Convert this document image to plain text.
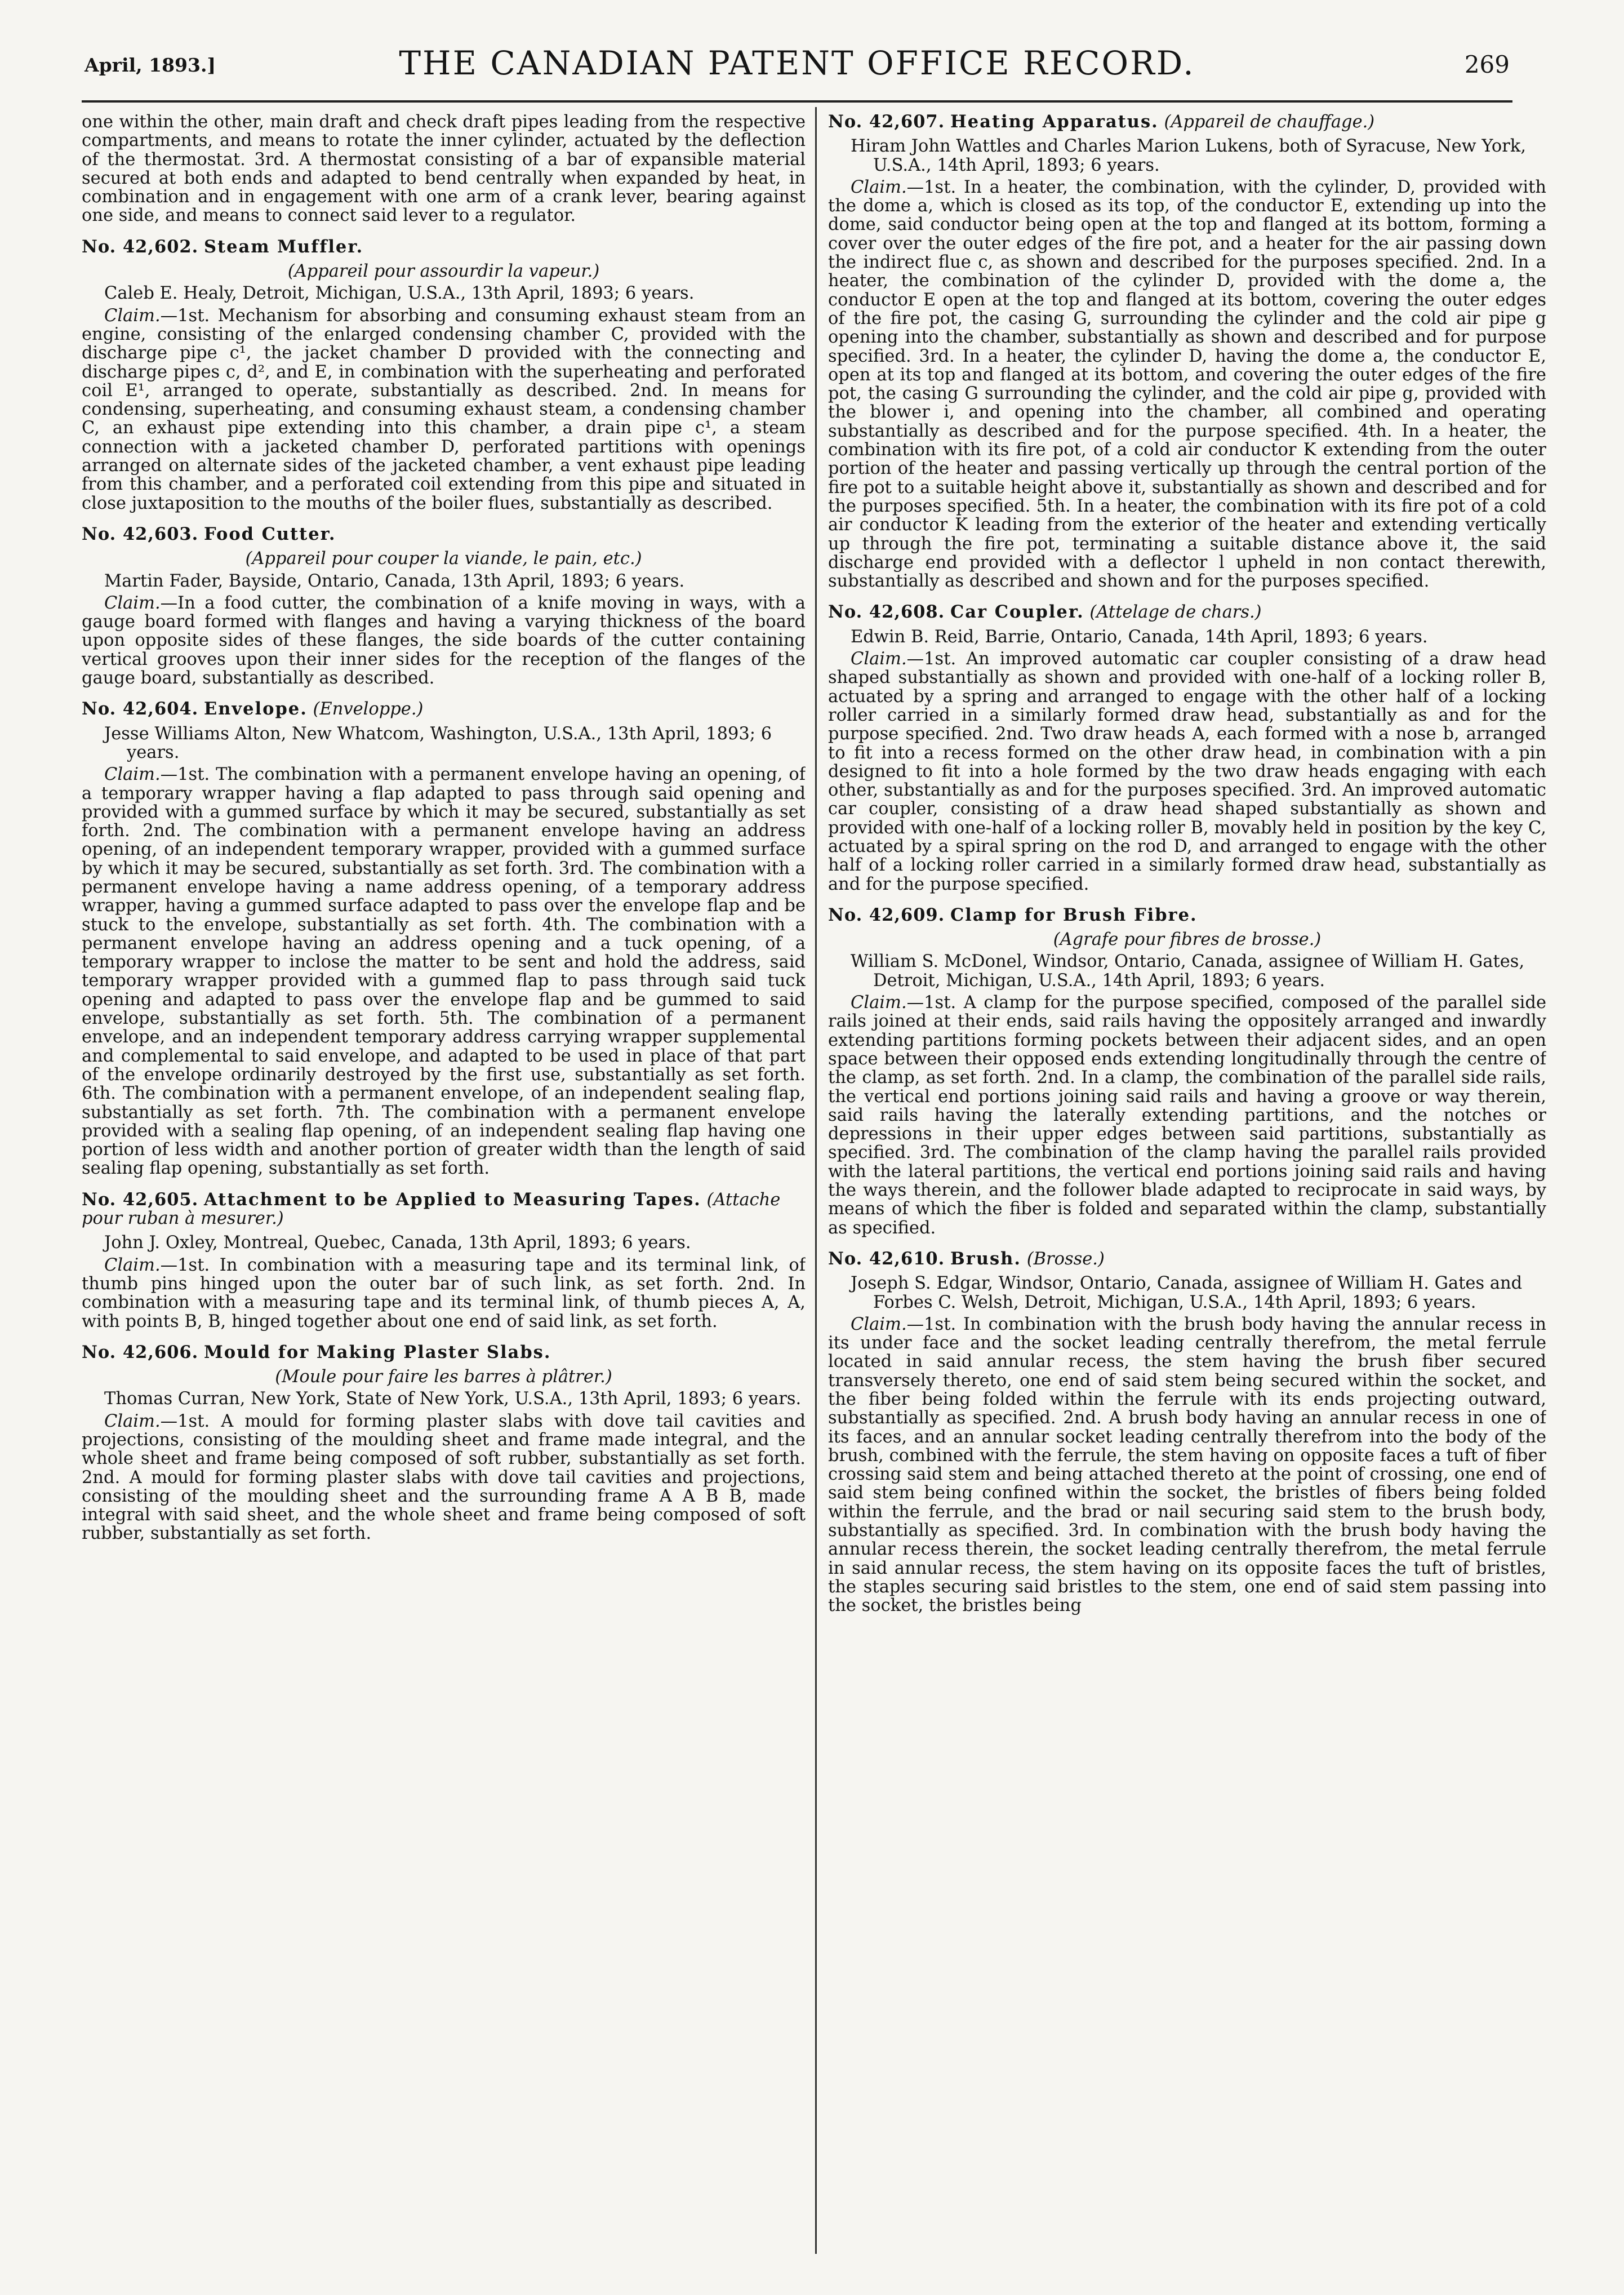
April, 1893.]	THE CANADIAN PATENT OFFICE RECORD.	269

one within the other, main draft and check draft pipes leading from the respective compartments, and means to rotate the inner cylinder, actuated by the deflection of the thermostat. 3rd. A thermostat consisting of a bar of expansible material secured at both ends and adapted to bend centrally when expanded by heat, in combination and in engagement with one arm of a crank lever, bearing against one side, and means to connect said lever to a regulator.

No. 42,602. Steam Muffler.
(Appareil pour assourdir la vapeur.)
Caleb E. Healy, Detroit, Michigan, U.S.A., 13th April, 1893; 6 years.

Claim.—1st. Mechanism for absorbing and consuming exhaust steam from an engine, consisting of the enlarged condensing chamber C, provided with the discharge pipe c¹, the jacket chamber D provided with the connecting and discharge pipes c, d², and E, in combination with the superheating and perforated coil E¹, arranged to operate, substantially as described. 2nd. In means for condensing, superheating, and consuming exhaust steam, a condensing chamber C, an exhaust pipe extending into this chamber, a drain pipe c¹, a steam connection with a jacketed chamber D, perforated partitions with openings arranged on alternate sides of the jacketed chamber, a vent exhaust pipe leading from this chamber, and a perforated coil extending from this pipe and situated in close juxtaposition to the mouths of the boiler flues, substantially as described.

No. 42,603. Food Cutter.
(Appareil pour couper la viande, le pain, etc.)
Martin Fader, Bayside, Ontario, Canada, 13th April, 1893; 6 years.

Claim.—In a food cutter, the combination of a knife moving in ways, with a gauge board formed with flanges and having a varying thickness of the board upon opposite sides of these flanges, the side boards of the cutter containing vertical grooves upon their inner sides for the reception of the flanges of the gauge board, substantially as described.

No. 42,604. Envelope. (Enveloppe.)
Jesse Williams Alton, New Whatcom, Washington, U.S.A., 13th April, 1893; 6 years.

Claim.—1st. The combination with a permanent envelope having an opening, of a temporary wrapper having a flap adapted to pass through said opening and provided with a gummed surface by which it may be secured, substantially as set forth. 2nd. The combination with a permanent envelope having an address opening, of an independent temporary wrapper, provided with a gummed surface by which it may be secured, substantially as set forth. 3rd. The combination with a permanent envelope having a name address opening, of a temporary address wrapper, having a gummed surface adapted to pass over the envelope flap and be stuck to the envelope, substantially as set forth. 4th. The combination with a permanent envelope having an address opening and a tuck opening, of a temporary wrapper to inclose the matter to be sent and hold the address, said temporary wrapper provided with a gummed flap to pass through said tuck opening and adapted to pass over the envelope flap and be gummed to said envelope, substantially as set forth. 5th. The combination of a permanent envelope, and an independent temporary address carrying wrapper supplemental and complemental to said envelope, and adapted to be used in place of that part of the envelope ordinarily destroyed by the first use, substantially as set forth. 6th. The combination with a permanent envelope, of an independent sealing flap, substantially as set forth. 7th. The combination with a permanent envelope provided with a sealing flap opening, of an independent sealing flap having one portion of less width and another portion of greater width than the length of said sealing flap opening, substantially as set forth.

No. 42,605. Attachment to be Applied to Measuring Tapes. (Attache pour ruban à mesurer.)
John J. Oxley, Montreal, Quebec, Canada, 13th April, 1893; 6 years.

Claim.—1st. In combination with a measuring tape and its terminal link, of thumb pins hinged upon the outer bar of such link, as set forth. 2nd. In combination with a measuring tape and its terminal link, of thumb pieces A, A, with points B, B, hinged together about one end of said link, as set forth.

No. 42,606. Mould for Making Plaster Slabs.
(Moule pour faire les barres à plâtrer.)
Thomas Curran, New York, State of New York, U.S.A., 13th April, 1893; 6 years.

Claim.—1st. A mould for forming plaster slabs with dove tail cavities and projections, consisting of the moulding sheet and frame made integral, and the whole sheet and frame being composed of soft rubber, substantially as set forth. 2nd. A mould for forming plaster slabs with dove tail cavities and projections, consisting of the moulding sheet and the surrounding frame A A B B, made integral with said sheet, and the whole sheet and frame being composed of soft rubber, substantially as set forth.

No. 42,607. Heating Apparatus. (Appareil de chauffage.)
Hiram John Wattles and Charles Marion Lukens, both of Syracuse, New York, U.S.A., 14th April, 1893; 6 years.

Claim.—1st. In a heater, the combination, with the cylinder, D, provided with the dome a, which is closed as its top, of the conductor E, extending up into the dome, said conductor being open at the top and flanged at its bottom, forming a cover over the outer edges of the fire pot, and a heater for the air passing down the indirect flue c, as shown and described for the purposes specified. 2nd. In a heater, the combination of the cylinder D, provided with the dome a, the conductor E open at the top and flanged at its bottom, covering the outer edges of the fire pot, the casing G, surrounding the cylinder and the cold air pipe g opening into the chamber, substantially as shown and described and for purpose specified. 3rd. In a heater, the cylinder D, having the dome a, the conductor E, open at its top and flanged at its bottom, and covering the outer edges of the fire pot, the casing G surrounding the cylinder, and the cold air pipe g, provided with the blower i, and opening into the chamber, all combined and operating substantially as described and for the purpose specified. 4th. In a heater, the combination with its fire pot, of a cold air conductor K extending from the outer portion of the heater and passing vertically up through the central portion of the fire pot to a suitable height above it, substantially as shown and described and for the purposes specified. 5th. In a heater, the combination with its fire pot of a cold air conductor K leading from the exterior of the heater and extending vertically up through the fire pot, terminating a suitable distance above it, the said discharge end provided with a deflector l upheld in non contact therewith, substantially as described and shown and for the purposes specified.

No. 42,608. Car Coupler. (Attelage de chars.)
Edwin B. Reid, Barrie, Ontario, Canada, 14th April, 1893; 6 years.

Claim.—1st. An improved automatic car coupler consisting of a draw head shaped substantially as shown and provided with one-half of a locking roller B, actuated by a spring and arranged to engage with the other half of a locking roller carried in a similarly formed draw head, substantially as and for the purpose specified. 2nd. Two draw heads A, each formed with a nose b, arranged to fit into a recess formed on the other draw head, in combination with a pin designed to fit into a hole formed by the two draw heads engaging with each other, substantially as and for the purposes specified. 3rd. An improved automatic car coupler, consisting of a draw head shaped substantially as shown and provided with one-half of a locking roller B, movably held in position by the key C, actuated by a spiral spring on the rod D, and arranged to engage with the other half of a locking roller carried in a similarly formed draw head, substantially as and for the purpose specified.

No. 42,609. Clamp for Brush Fibre.
(Agrafe pour fibres de brosse.)
William S. McDonel, Windsor, Ontario, Canada, assignee of William H. Gates, Detroit, Michigan, U.S.A., 14th April, 1893; 6 years.

Claim.—1st. A clamp for the purpose specified, composed of the parallel side rails joined at their ends, said rails having the oppositely arranged and inwardly extending partitions forming pockets between their adjacent sides, and an open space between their opposed ends extending longitudinally through the centre of the clamp, as set forth. 2nd. In a clamp, the combination of the parallel side rails, the vertical end portions joining said rails and having a groove or way therein, said rails having the laterally extending partitions, and the notches or depressions in their upper edges between said partitions, substantially as specified. 3rd. The combination of the clamp having the parallel rails provided with the lateral partitions, the vertical end portions joining said rails and having the ways therein, and the follower blade adapted to reciprocate in said ways, by means of which the fiber is folded and separated within the clamp, substantially as specified.

No. 42,610. Brush. (Brosse.)
Joseph S. Edgar, Windsor, Ontario, Canada, assignee of William H. Gates and Forbes C. Welsh, Detroit, Michigan, U.S.A., 14th April, 1893; 6 years.

Claim.—1st. In combination with the brush body having the annular recess in its under face and the socket leading centrally therefrom, the metal ferrule located in said annular recess, the stem having the brush fiber secured transversely thereto, one end of said stem being secured within the socket, and the fiber being folded within the ferrule with its ends projecting outward, substantially as specified. 2nd. A brush body having an annular recess in one of its faces, and an annular socket leading centrally therefrom into the body of the brush, combined with the ferrule, the stem having on opposite faces a tuft of fiber crossing said stem and being attached thereto at the point of crossing, one end of said stem being confined within the socket, the bristles of fibers being folded within the ferrule, and the brad or nail securing said stem to the brush body, substantially as specified. 3rd. In combination with the brush body having the annular recess therein, the socket leading centrally therefrom, the metal ferrule in said annular recess, the stem having on its opposite faces the tuft of bristles, the staples securing said bristles to the stem, one end of said stem passing into the socket, the bristles being
